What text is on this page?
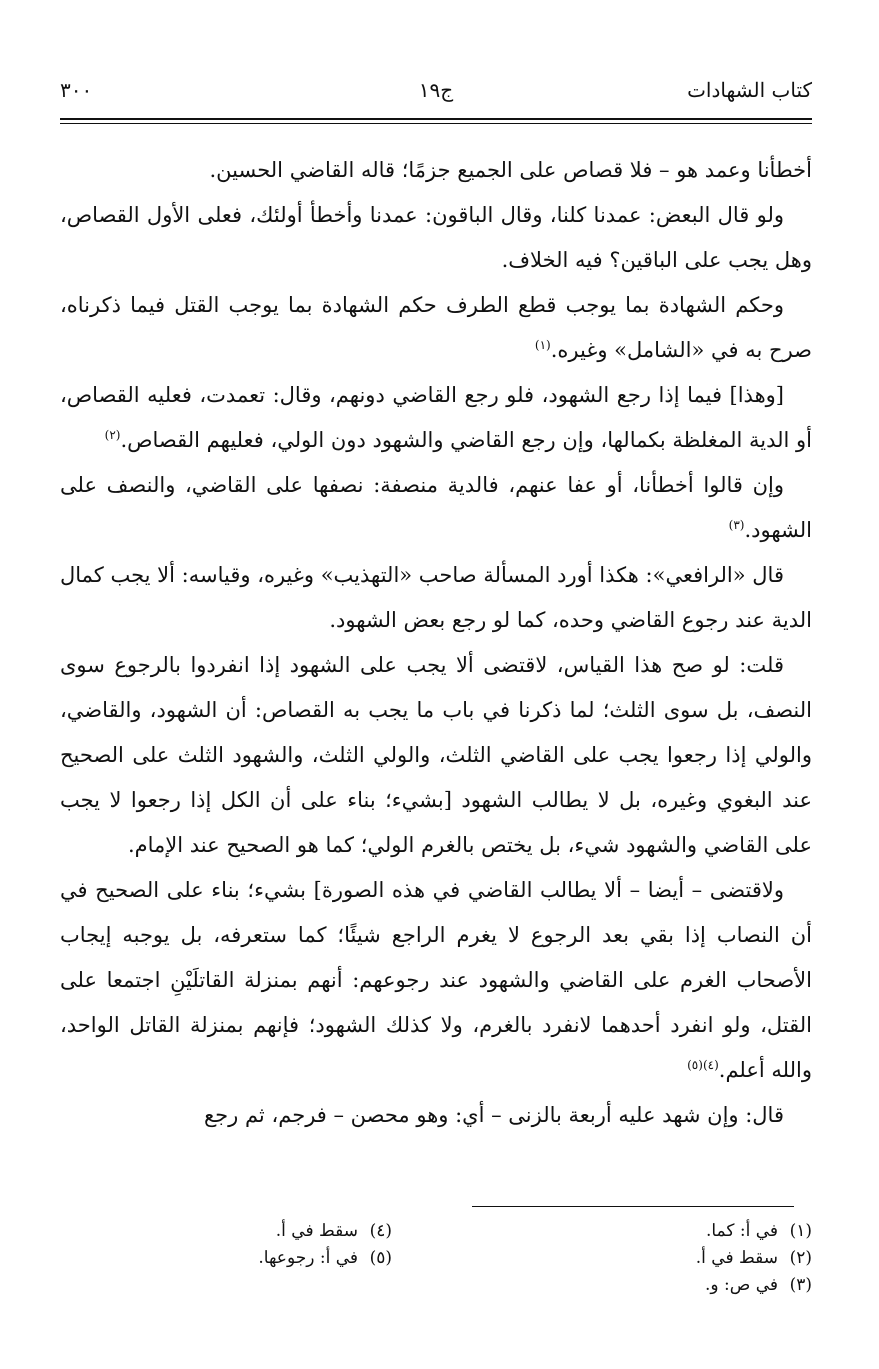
كتاب الشهادات
ج١٩
٣٠٠

أخطأنا وعمد هو – فلا قصاص على الجميع جزمًا؛ قاله القاضي الحسين.

ولو قال البعض: عمدنا كلنا، وقال الباقون: عمدنا وأخطأ أولئك، فعلى الأول القصاص، وهل يجب على الباقين؟ فيه الخلاف.

وحكم الشهادة بما يوجب قطع الطرف حكم الشهادة بما يوجب القتل فيما ذكرناه، صرح به في «الشامل» وغيره.$^{(١)}$

[وهذا] فيما إذا رجع الشهود، فلو رجع القاضي دونهم، وقال: تعمدت، فعليه القصاص، أو الدية المغلظة بكمالها، وإن رجع القاضي والشهود دون الولي، فعليهم القصاص.$^{(٢)}$

وإن قالوا أخطأنا، أو عفا عنهم، فالدية منصفة: نصفها على القاضي، والنصف على الشهود.$^{(٣)}$

قال «الرافعي»: هكذا أورد المسألة صاحب «التهذيب» وغيره، وقياسه: ألا يجب كمال الدية عند رجوع القاضي وحده، كما لو رجع بعض الشهود.

قلت: لو صح هذا القياس، لاقتضى ألا يجب على الشهود إذا انفردوا بالرجوع سوى النصف، بل سوى الثلث؛ لما ذكرنا في باب ما يجب به القصاص: أن الشهود، والقاضي، والولي إذا رجعوا يجب على القاضي الثلث، والولي الثلث، والشهود الثلث على الصحيح عند البغوي وغيره، بل لا يطالب الشهود [بشيء؛ بناء على أن الكل إذا رجعوا لا يجب على القاضي والشهود شيء، بل يختص بالغرم الولي؛ كما هو الصحيح عند الإمام.

ولاقتضى – أيضا – ألا يطالب القاضي في هذه الصورة] بشيء؛ بناء على الصحيح في أن النصاب إذا بقي بعد الرجوع لا يغرم الراجع شيئًا؛ كما ستعرفه، بل يوجبه إيجاب الأصحاب الغرم على القاضي والشهود عند رجوعهم: أنهم بمنزلة القاتلَيْنِ اجتمعا على القتل، ولو انفرد أحدهما لانفرد بالغرم، ولا كذلك الشهود؛ فإنهم بمنزلة القاتل الواحد، والله أعلم.$^{(٤)(٥)}$

قال: وإن شهد عليه أربعة بالزنى – أي: وهو محصن – فرجم، ثم رجع

(١)في أ: كما.
(٢)سقط في أ.
(٣)في ص: و.
(٤)سقط في أ.
(٥)في أ: رجوعها.
